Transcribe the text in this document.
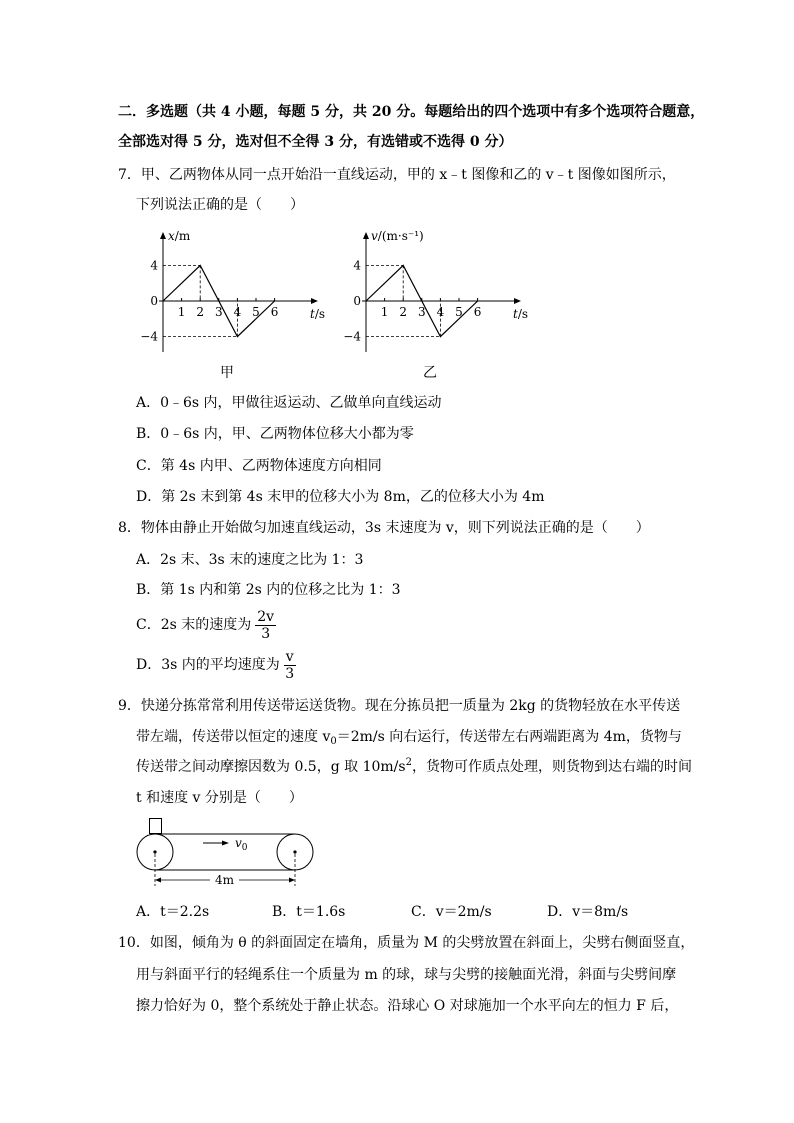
二．多选题（共 4 小题，每题 5 分，共 20 分。每题给出的四个选项中有多个选项符合题意，
全部选对得 5 分，选对但不全得 3 分，有选错或不选得 0 分）
7．甲、乙两物体从同一点开始沿一直线运动，甲的 x﹣t 图像和乙的 v﹣t 图像如图所示，
下列说法正确的是（　　）
1 2 3 4 5 6
4
0
−4
t/s
x/m
甲
1 2 3 4 5 6
4
0
−4
t/s
v/(m·s⁻¹)
乙
A．0﹣6s 内，甲做往返运动、乙做单向直线运动
B．0﹣6s 内，甲、乙两物体位移大小都为零
C．第 4s 内甲、乙两物体速度方向相同
D．第 2s 末到第 4s 末甲的位移大小为 8m，乙的位移大小为 4m
8．物体由静止开始做匀加速直线运动，3s 末速度为 v，则下列说法正确的是（　　）
A．2s 末、3s 末的速度之比为 1：3
B．第 1s 内和第 2s 内的位移之比为 1：3
C．2s 末的速度为 $\frac{2v}{3}$
D．3s 内的平均速度为 $\frac{v}{3}$
9．快递分拣常常利用传送带运送货物。现在分拣员把一质量为 2kg 的货物轻放在水平传送
带左端，传送带以恒定的速度 $v_0=2m/s$ 向右运行，传送带左右两端距离为 4m，货物与
传送带之间动摩擦因数为 0.5，g 取 $10m/s^2$，货物可作质点处理，则货物到达右端的时间
t 和速度 v 分别是（　　）
$v_0$
4m
A．t＝2.2s	B．t＝1.6s	C．v＝2m/s	D．v＝8m/s
10．如图，倾角为 θ 的斜面固定在墙角，质量为 M 的尖劈放置在斜面上，尖劈右侧面竖直，
用与斜面平行的轻绳系住一个质量为 m 的球，球与尖劈的接触面光滑，斜面与尖劈间摩
擦力恰好为 0，整个系统处于静止状态。沿球心 O 对球施加一个水平向左的恒力 F 后，
